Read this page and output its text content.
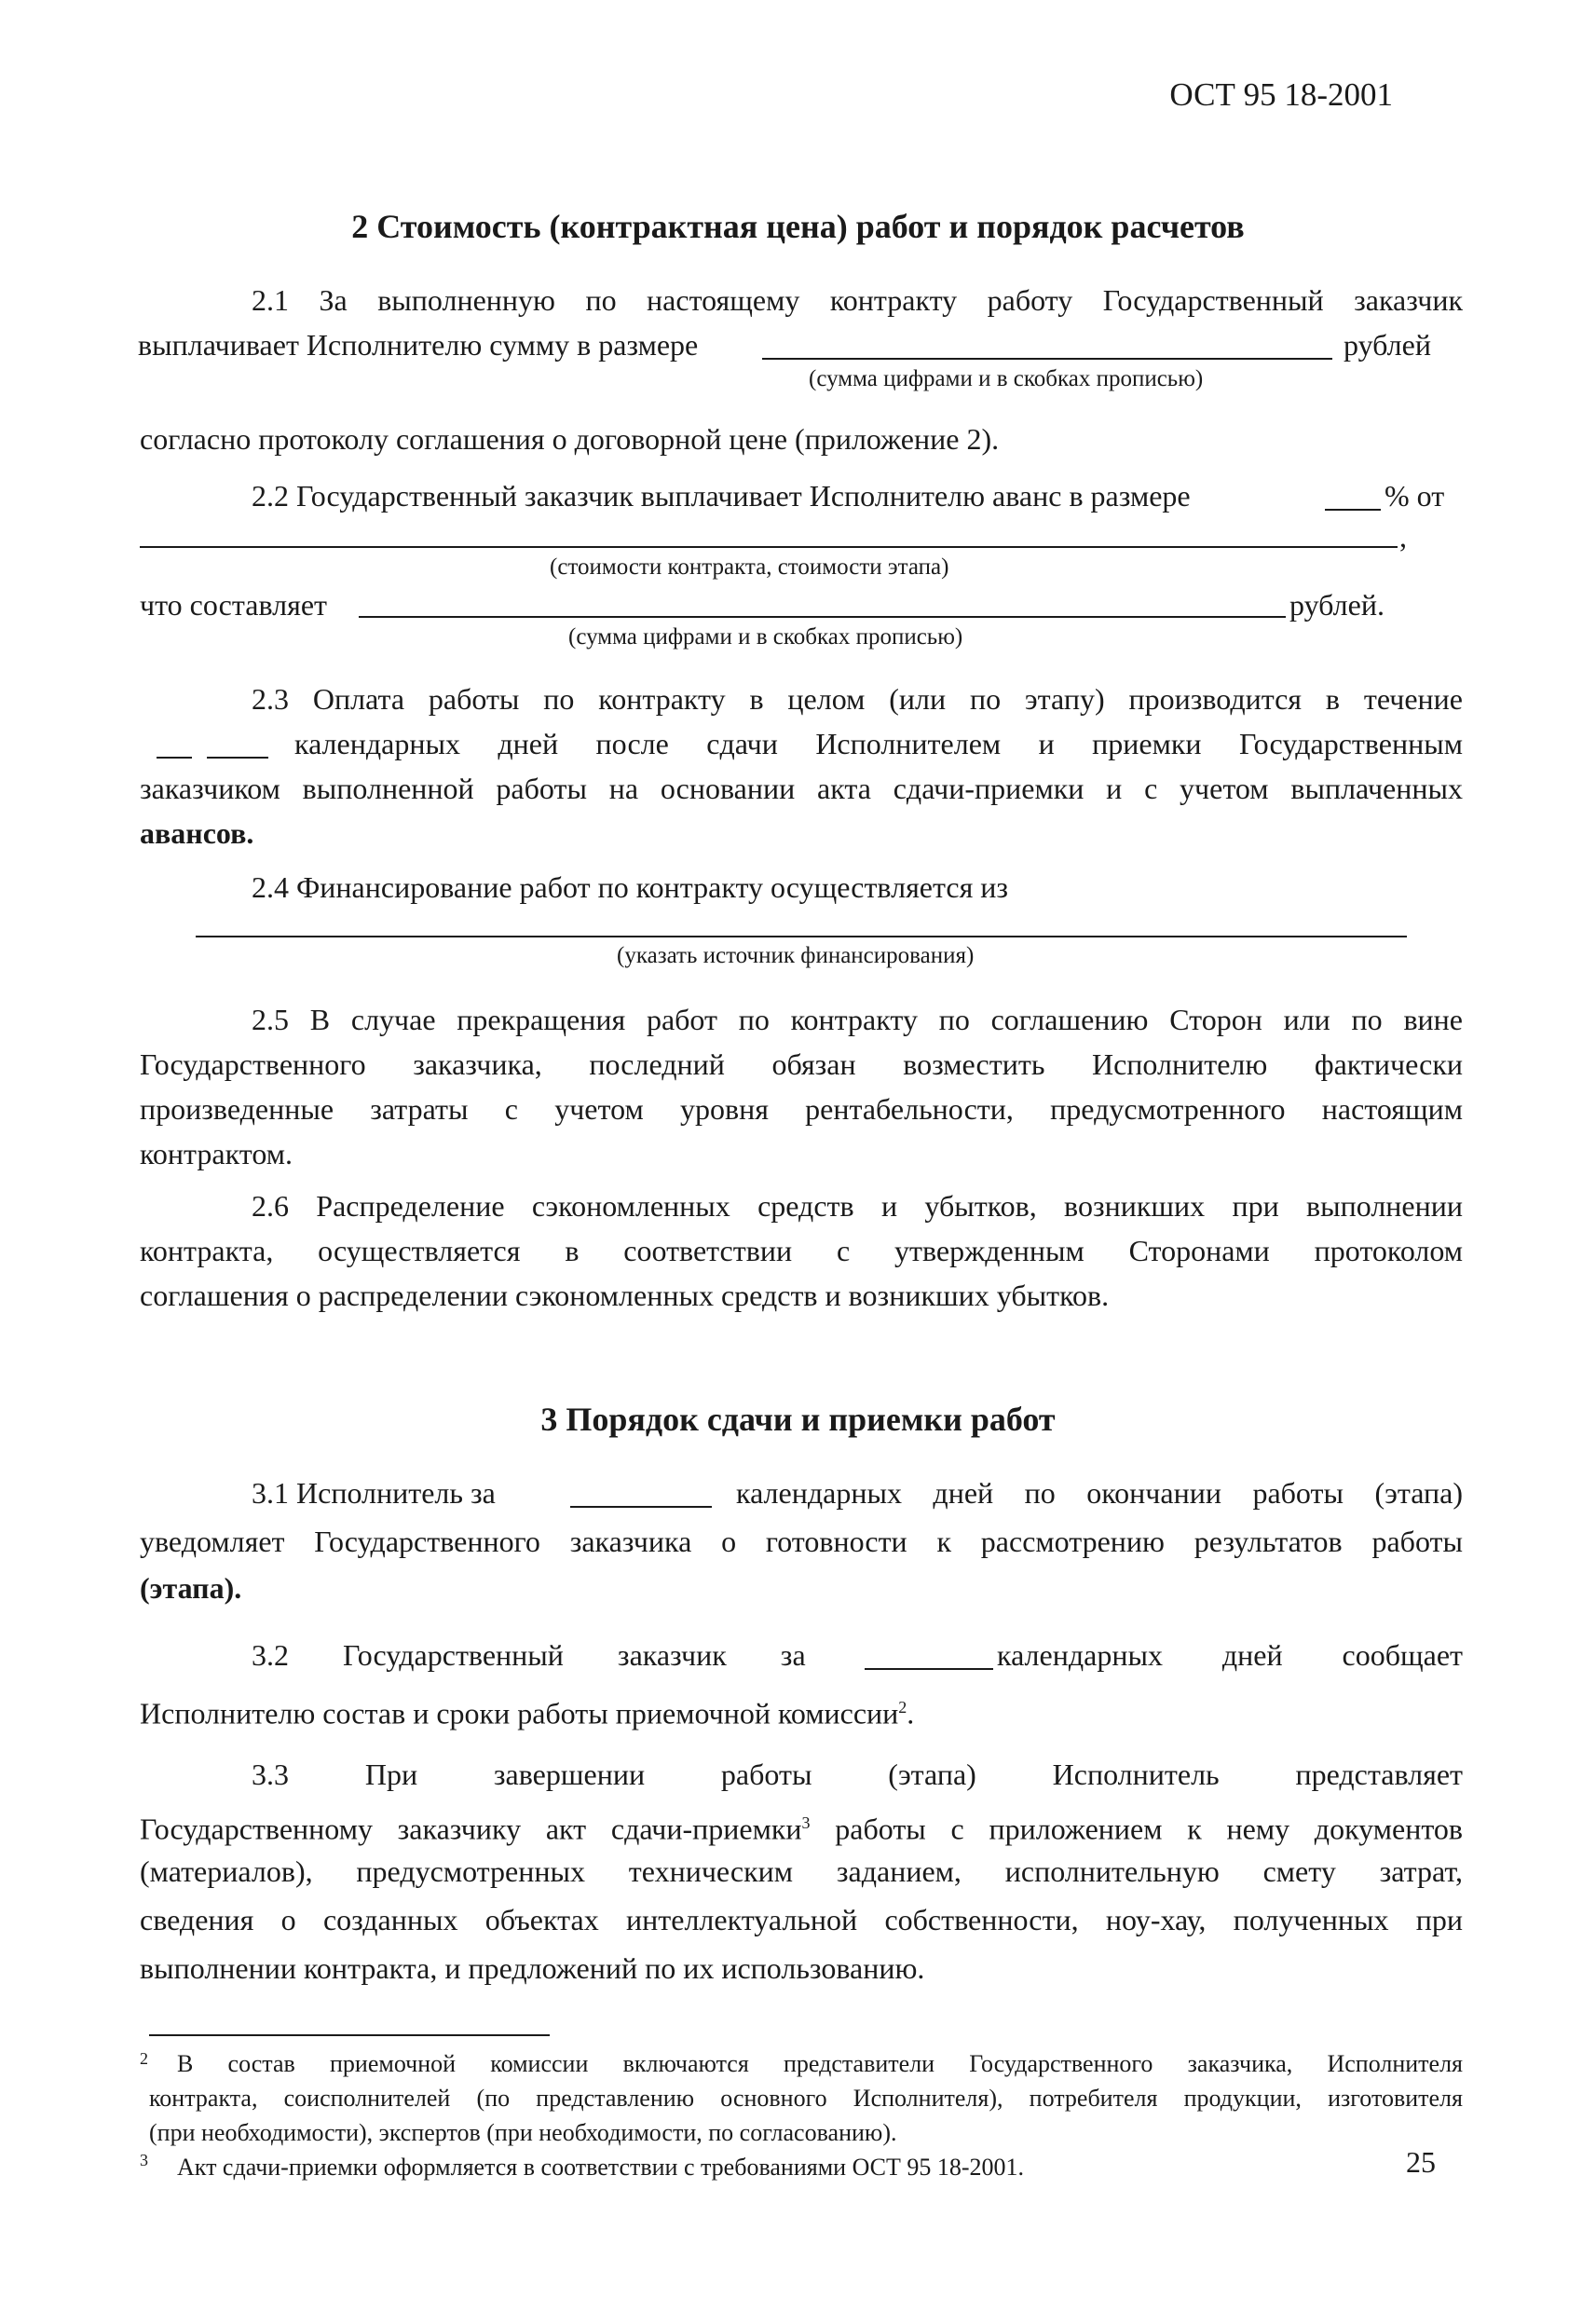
ОСТ 95 18-2001

2 Стоимость (контрактная цена) работ и порядок расчетов

2.1 За выполненную по настоящему контракту работу Государственный заказчик

выплачивает Исполнителю сумму в размере	рублей

(сумма цифрами и в скобках прописью)

согласно протоколу соглашения о договорной цене (приложение 2).

2.2 Государственный заказчик выплачивает Исполнителю аванс в размере	% от

,

(стоимости контракта, стоимости этапа)

что составляет	рублей.

(сумма цифрами и в скобках прописью)

2.3 Оплата работы по контракту в целом (или по этапу) производится в течение

календарных дней после сдачи Исполнителем и приемки Государственным

заказчиком выполненной работы на основании акта сдачи-приемки и с учетом выплаченных

авансов.

2.4 Финансирование работ по контракту осуществляется из

(указать источник финансирования)

2.5 В случае прекращения работ по контракту по соглашению Сторон или по вине

Государственного заказчика, последний обязан возместить Исполнителю фактически

произведенные затраты с учетом уровня рентабельности, предусмотренного настоящим

контрактом.

2.6 Распределение сэкономленных средств и убытков, возникших при выполнении

контракта, осуществляется в соответствии с утвержденным Сторонами протоколом

соглашения о распределении сэкономленных средств и возникших убытков.

3 Порядок сдачи и приемки работ

3.1 Исполнитель за	календарных дней по окончании работы (этапа)

уведомляет Государственного заказчика о готовности к рассмотрению результатов работы

(этапа).

3.2 Государственный заказчик за	календарных дней сообщает

Исполнителю состав и сроки работы приемочной комиссии$^2$.

3.3 При завершении работы (этапа) Исполнитель представляет

Государственному заказчику акт сдачи-приемки$^3$ работы с приложением к нему документов

(материалов), предусмотренных техническим заданием, исполнительную смету затрат,

сведения о созданных объектах интеллектуальной собственности, ноу-хау, полученных при

выполнении контракта, и предложений по их использованию.

$^2$ В состав приемочной комиссии включаются представители Государственного заказчика, Исполнителя

контракта, соисполнителей (по представлению основного Исполнителя), потребителя продукции, изготовителя

(при необходимости), экспертов (при необходимости, по согласованию).

$^3$ Акт сдачи-приемки оформляется в соответствии с требованиями ОСТ 95 18-2001.	25
